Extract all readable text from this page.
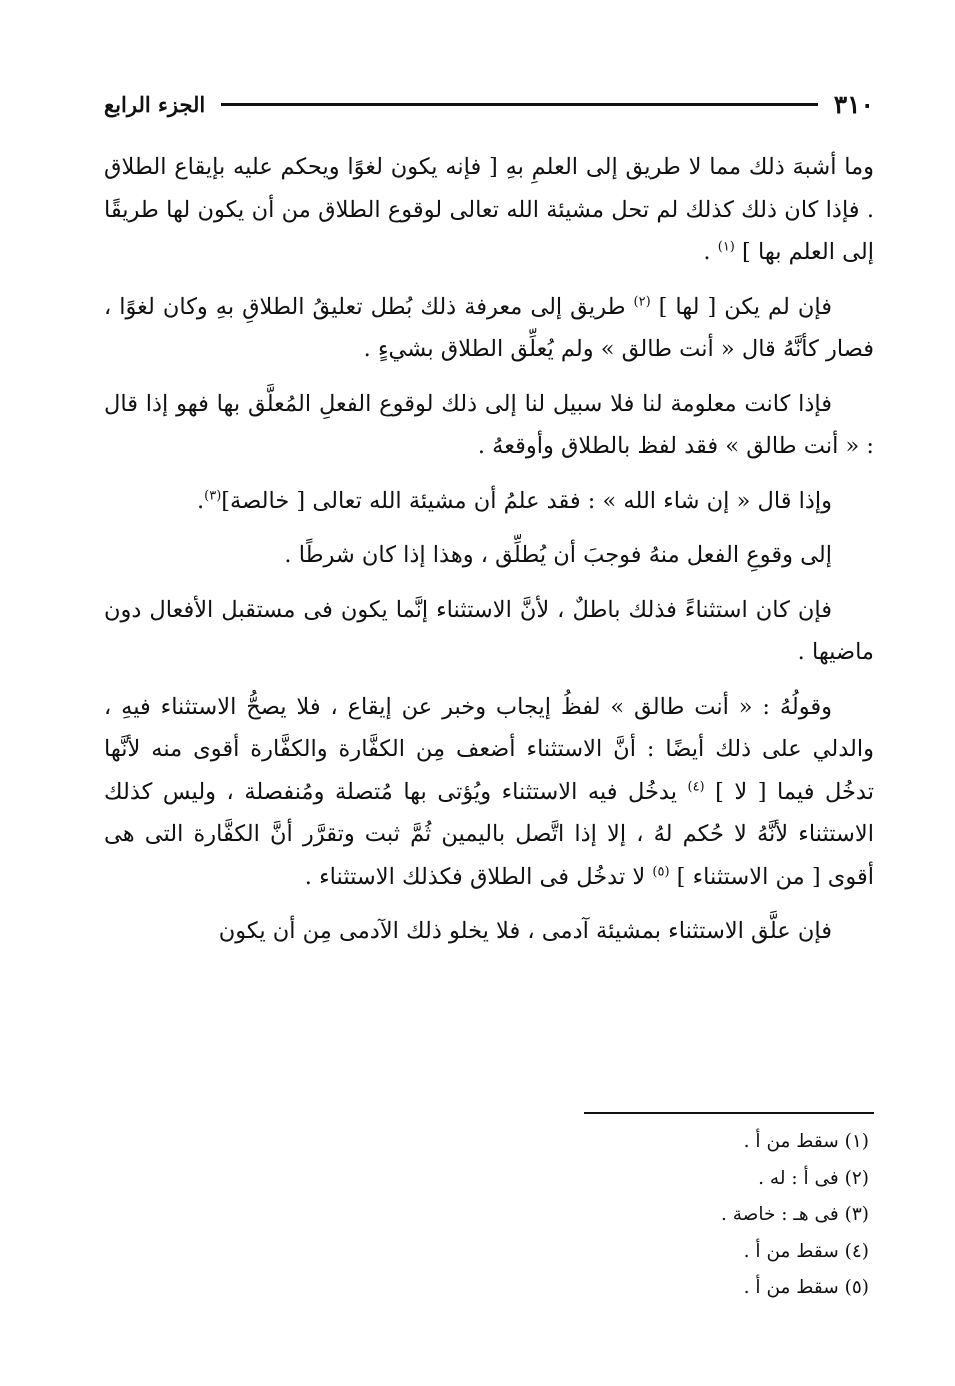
٣١٠
الجزء الرابع

وما أشبهَ ذلك مما لا طريق إلى العلمِ بهِ [ فإنه يكون لغوًا ويحكم عليه بإيقاع الطلاق . فإذا كان ذلك كذلك لم تحل مشيئة الله تعالى لوقوع الطلاق من أن يكون لها طريقًا إلى العلم بها ] $^{(١)}$ .

فإن لم يكن [ لها ] $^{(٢)}$ طريق إلى معرفة ذلك بُطل تعليقُ الطلاقِ بهِ وكان لغوًا ، فصار كأنَّهُ قال « أنت طالق » ولم يُعلِّق الطلاق بشيءٍ .

فإذا كانت معلومة لنا فلا سبيل لنا إلى ذلك لوقوع الفعلِ المُعلَّق بها فهو إذا قال : « أنت طالق » فقد لفظ بالطلاق وأوقعهُ .

وإذا قال « إن شاء الله » : فقد علمُ أن مشيئة الله تعالى [ خالصة]$^{(٣)}$.

إلى وقوعِ الفعل منهُ فوجبَ أن يُطلِّق ، وهذا إذا كان شرطًا .

فإن كان استثناءً فذلك باطلٌ ، لأنَّ الاستثناء إنَّما يكون فى مستقبل الأفعال دون ماضيها .

وقولُهُ : « أنت طالق » لفظُ إيجاب وخبر عن إيقاع ، فلا يصحُّ الاستثناء فيهِ ، والدلي على ذلك أيضًا : أنَّ الاستثناء أضعف مِن الكفَّارة والكفَّارة أقوى منه لأنَّها تدخُل فيما [ لا ] $^{(٤)}$ يدخُل فيه الاستثناء ويُؤتى بها مُتصلة ومُنفصلة ، وليس كذلك الاستثناء لأنَّهُ لا حُكم لهُ ، إلا إذا اتَّصل باليمين ثُمَّ ثبت وتقرَّر أنَّ الكفَّارة التى هى أقوى [ من الاستثناء ] $^{(٥)}$ لا تدخُل فى الطلاق فكذلك الاستثناء .

فإن علَّق الاستثناء بمشيئة آدمى ، فلا يخلو ذلك الآدمى مِن أن يكون

(١) سقط من أ .
(٢) فى أ : له .
(٣) فى هـ : خاصة .
(٤) سقط من أ .
(٥) سقط من أ .
